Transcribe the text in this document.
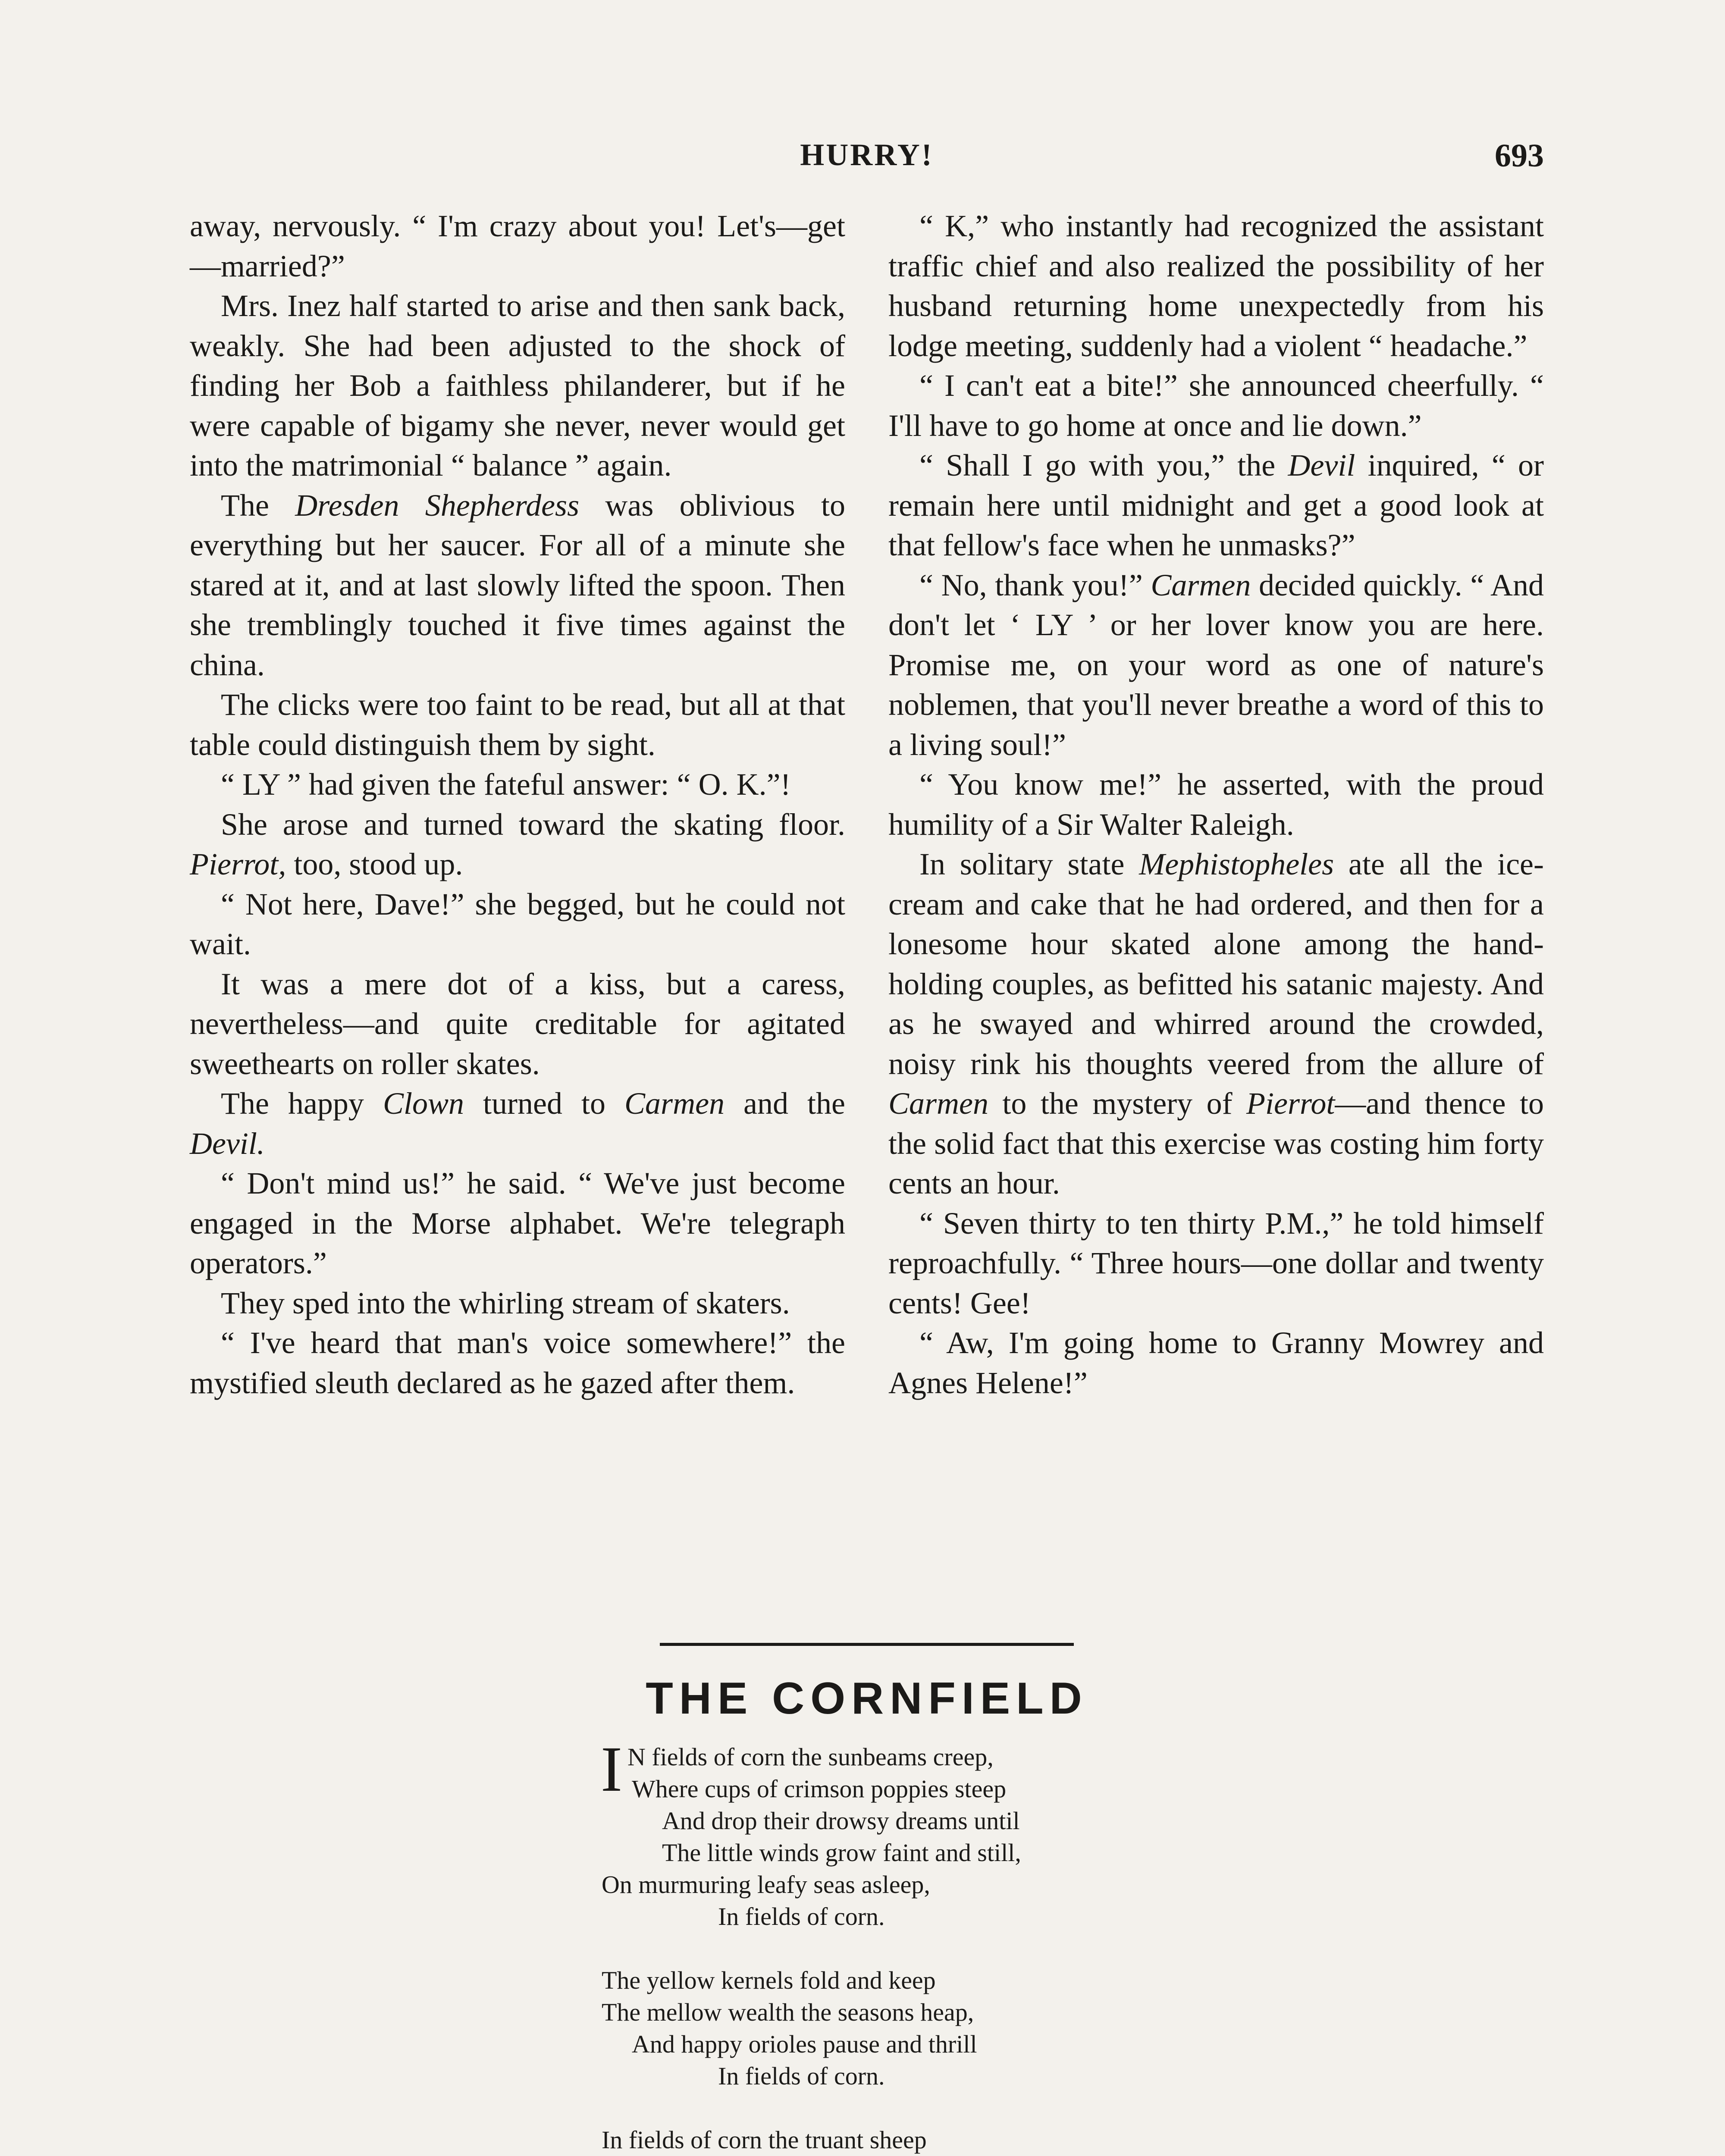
HURRY!	693

away, nervously. “ I'm crazy about you! Let's—get—married?”

Mrs. Inez half started to arise and then sank back, weakly. She had been adjusted to the shock of finding her Bob a faithless philanderer, but if he were capable of bigamy she never, never would get into the matrimonial “ balance ” again.

The Dresden Shepherdess was oblivious to everything but her saucer. For all of a minute she stared at it, and at last slowly lifted the spoon. Then she tremblingly touched it five times against the china.

The clicks were too faint to be read, but all at that table could distinguish them by sight.

“ LY ” had given the fateful answer: “ O. K.”!

She arose and turned toward the skating floor. Pierrot, too, stood up.

“ Not here, Dave!” she begged, but he could not wait.

It was a mere dot of a kiss, but a caress, nevertheless—and quite creditable for agitated sweethearts on roller skates.

The happy Clown turned to Carmen and the Devil.

“ Don't mind us!” he said. “ We've just become engaged in the Morse alphabet. We're telegraph operators.”

They sped into the whirling stream of skaters.

“ I've heard that man's voice somewhere!” the mystified sleuth declared as he gazed after them.

“ K,” who instantly had recognized the assistant traffic chief and also realized the possibility of her husband returning home unexpectedly from his lodge meeting, suddenly had a violent “ headache.”

“ I can't eat a bite!” she announced cheerfully. “ I'll have to go home at once and lie down.”

“ Shall I go with you,” the Devil inquired, “ or remain here until midnight and get a good look at that fellow's face when he unmasks?”

“ No, thank you!” Carmen decided quickly. “ And don't let ‘ LY ’ or her lover know you are here. Promise me, on your word as one of nature's noblemen, that you'll never breathe a word of this to a living soul!”

“ You know me!” he asserted, with the proud humility of a Sir Walter Raleigh.

In solitary state Mephistopheles ate all the ice-cream and cake that he had ordered, and then for a lonesome hour skated alone among the hand-holding couples, as befitted his satanic majesty. And as he swayed and whirred around the crowded, noisy rink his thoughts veered from the allure of Carmen to the mystery of Pierrot—and thence to the solid fact that this exercise was costing him forty cents an hour.

“ Seven thirty to ten thirty P.M.,” he told himself reproachfully. “ Three hours—one dollar and twenty cents! Gee!

“ Aw, I'm going home to Granny Mowrey and Agnes Helene!”

THE CORNFIELD
I N fields of corn the sunbeams creep,
Where cups of crimson poppies steep
And drop their drowsy dreams until
The little winds grow faint and still,
On murmuring leafy seas asleep,
In fields of corn.
The yellow kernels fold and keep
The mellow wealth the seasons heap,
And happy orioles pause and thrill
In fields of corn.
In fields of corn the truant sheep
